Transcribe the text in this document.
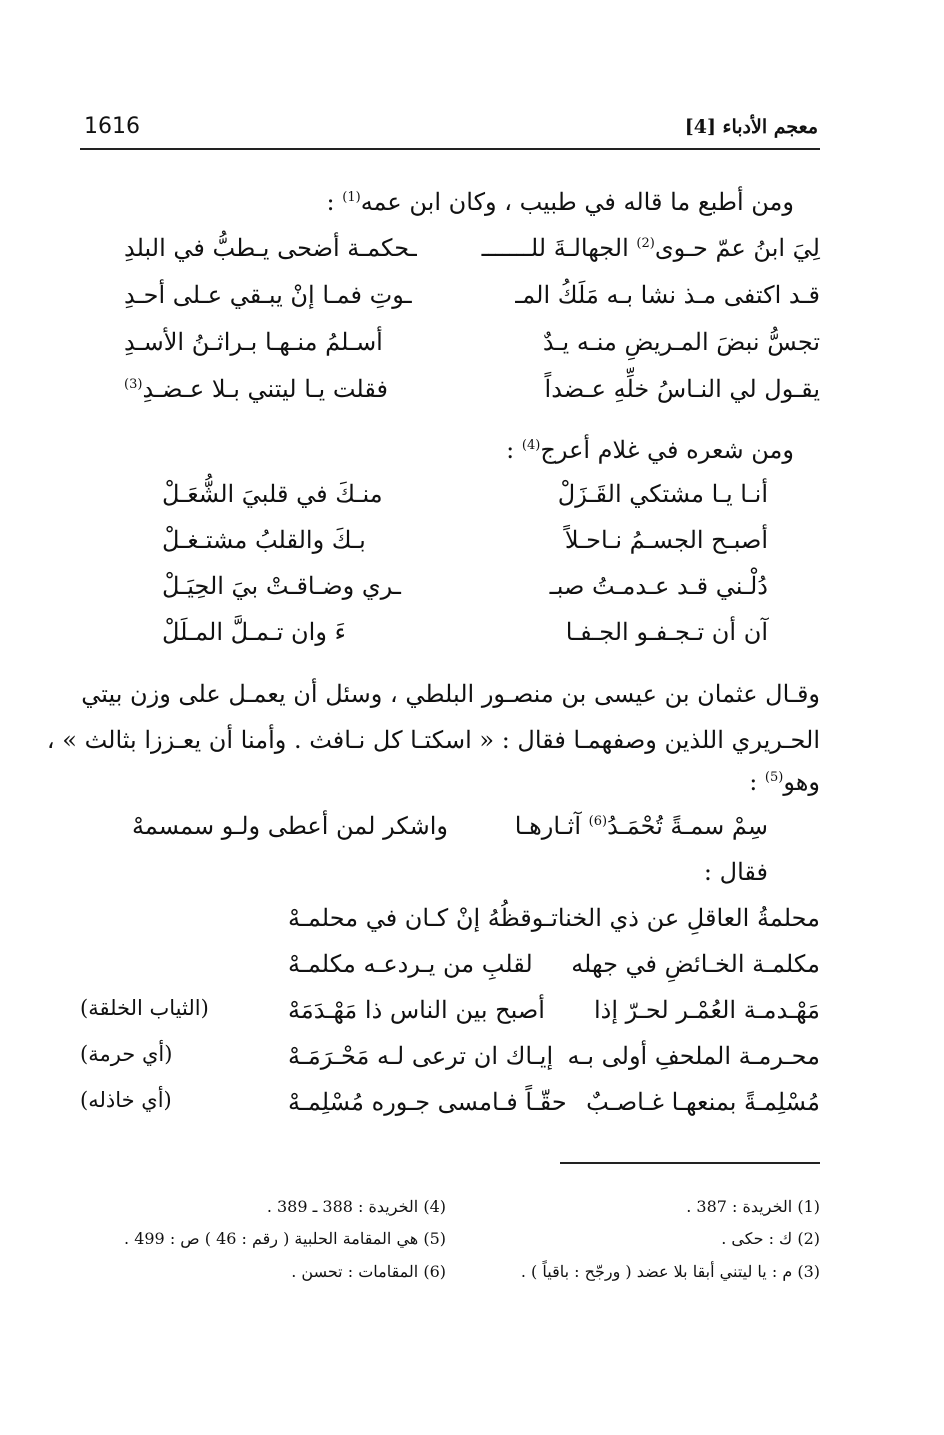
1616	معجم الأدباء [4]
ومن أطبع ما قاله في طبيب ، وكان ابن عمه$^{(1)}$ :
لِيَ ابنُ عمّ حـوى$^{(2)}$ الجهالـةَ للـــــــ
ـحكمـة أضحى يـطبُّ في البلدِ
قـد اكتفى مـذ نشا بـه مَلَكُ المـ
ـوتِ فمـا إنْ يبـقي عـلى أحـدِ
تجسُّ نبضَ المـريضِ منـه يـدٌ
أسـلمُ منـهـا بـراثـنُ الأسـدِ
يقـول لي النـاسُ خلِّهِ عـضداً
فقلت يـا ليتني بـلا عـضـدِ$^{(3)}$
ومن شعره في غلام أعرج$^{(4)}$ :
أنـا يـا مشتكي القَـزَلْ
منـكَ في قلبيَ الشُّعَـلْ
أصبـح الجسـمُ نـاحـلاً
بـكَ والقلبُ مشتـغـلْ
دُلْـني قـد عـدمـتُ صبـ
ـري وضـاقـتْ بيَ الحِيَـلْ
آن أن تـجـفـو الجـفـا
ءَ وان تـمـلَّ المـلَلْ
وقـال عثمان بن عيسى بن منصـور البلطي ، وسئل أن يعمـل على وزن بيتي
الحـريري اللذين وصفهمـا فقال : « اسكتـا كل نـافث . وأمنا أن يعـززا بثالث » ،
وهو$^{(5)}$ :
سِمْ سمـةً تُحْمَـدُ$^{(6)}$ آثـارهـا
واشكر لمن أعطى ولـو سمسمهْ
فقال :
محلمةُ العاقلِ عن ذي الخنا
تـوقظُهُ إنْ كـان في محلمـهْ
مكلمـة الخـائضِ في جهله
لقلبِ من يـردعـه مكلمـهْ
مَهْـدمـة العُمْـر لحـرّ إذا
أصبح بين الناس ذا مَهْـدَمَهْ
(الثياب الخلقة)
محـرمـة الملحفِ أولى بـه
إيـاك ان ترعى لـه مَحْـرَمَـهْ
(أي حرمة)
مُسْلِمـةً بمنعهـا غـاصـبٌ
حقّـاً فـامسى جـوره مُسْلِمـهْ
(أي خاذله)
(1) الخريدة : 387 .
(2) ك : حكى .
(3) م : يا ليتني أبقا بلا عضد ( ورجّح : باقياً ) .
(4) الخريدة : 388 ـ 389 .
(5) هي المقامة الحلبية ( رقم : 46 ) ص : 499 .
(6) المقامات : تحسن .
